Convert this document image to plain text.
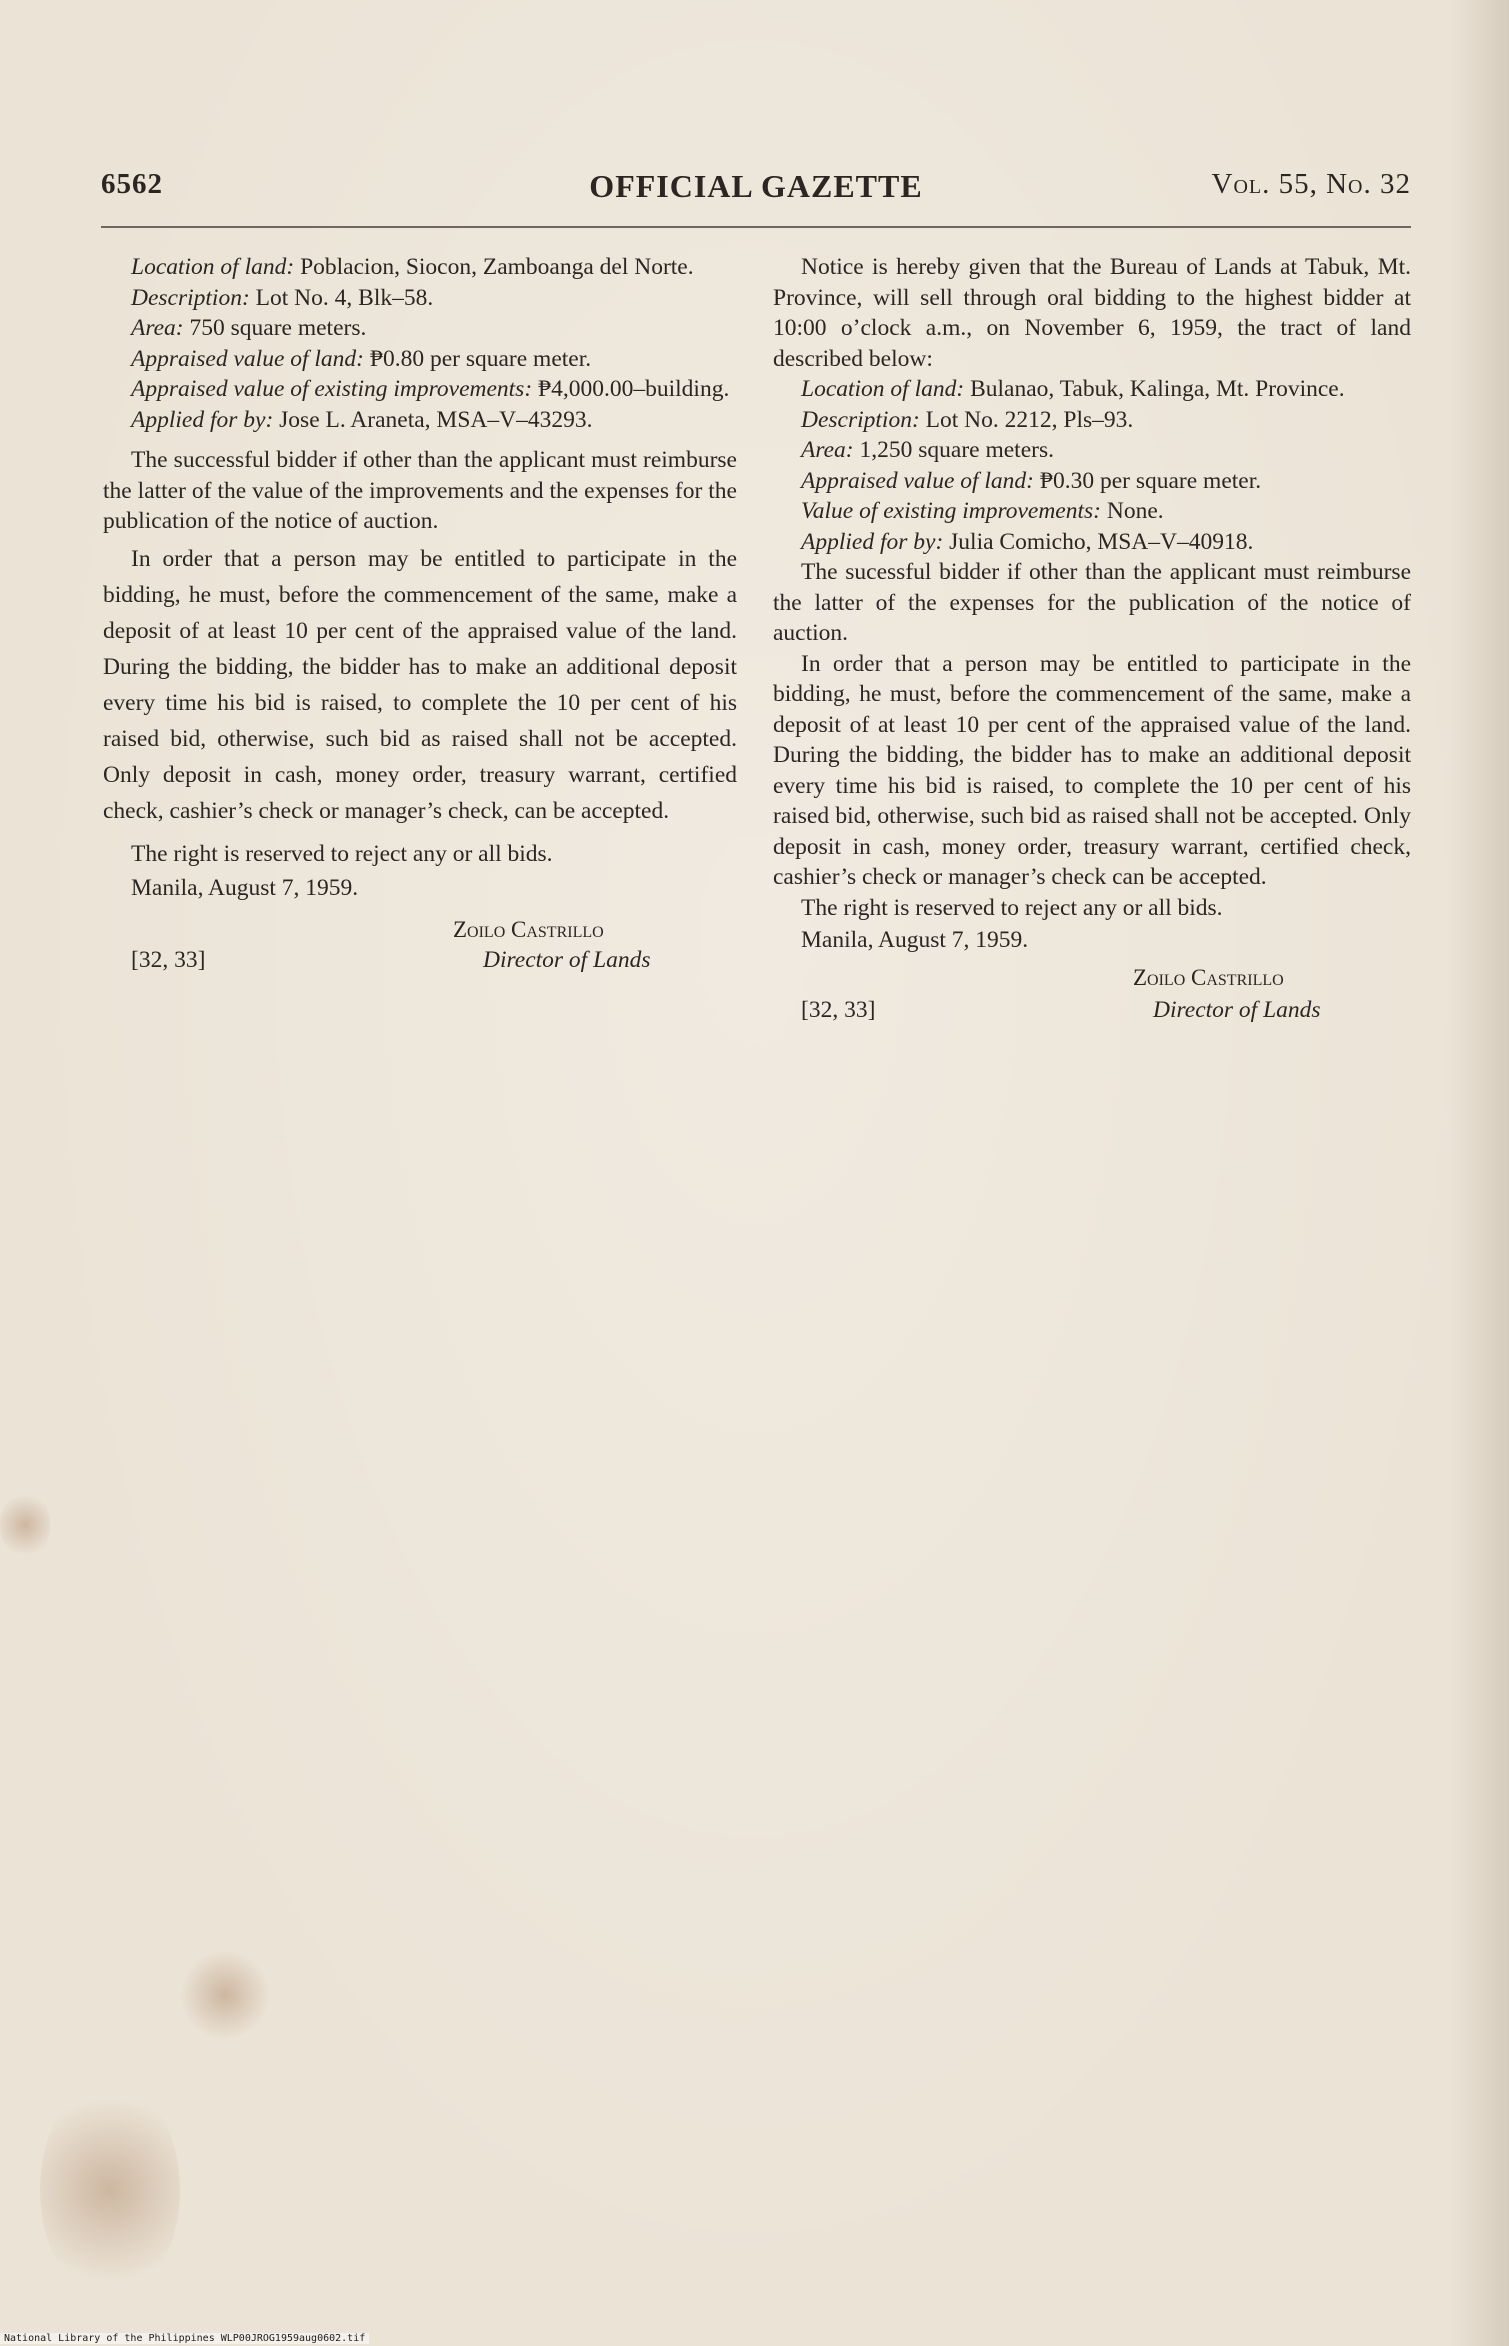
6562	OFFICIAL GAZETTE	Vol. 55, No. 32

Location of land: Poblacion, Siocon, Zamboanga del Norte.

Description: Lot No. 4, Blk–58.

Area: 750 square meters.

Appraised value of land: ₱0.80 per square meter.

Appraised value of existing improvements: ₱4,000.00–building.

Applied for by: Jose L. Araneta, MSA–V–43293.

The successful bidder if other than the applicant must reimburse the latter of the value of the improvements and the expenses for the publication of the notice of auction.

In order that a person may be entitled to participate in the bidding, he must, before the commencement of the same, make a deposit of at least 10 per cent of the appraised value of the land. During the bidding, the bidder has to make an additional deposit every time his bid is raised, to complete the 10 per cent of his raised bid, otherwise, such bid as raised shall not be accepted. Only deposit in cash, money order, treasury warrant, certified check, cashier’s check or manager’s check, can be accepted.

The right is reserved to reject any or all bids.

Manila, August 7, 1959.

Zoilo Castrillo
[32, 33]	Director of Lands

Notice is hereby given that the Bureau of Lands at Tabuk, Mt. Province, will sell through oral bidding to the highest bidder at 10:00 o’clock a.m., on November 6, 1959, the tract of land described below:

Location of land: Bulanao, Tabuk, Kalinga, Mt. Province.

Description: Lot No. 2212, Pls–93.

Area: 1,250 square meters.

Appraised value of land: ₱0.30 per square meter.

Value of existing improvements: None.

Applied for by: Julia Comicho, MSA–V–40918.

The sucessful bidder if other than the applicant must reimburse the latter of the expenses for the publication of the notice of auction.

In order that a person may be entitled to participate in the bidding, he must, before the commencement of the same, make a deposit of at least 10 per cent of the appraised value of the land. During the bidding, the bidder has to make an additional deposit every time his bid is raised, to complete the 10 per cent of his raised bid, otherwise, such bid as raised shall not be accepted. Only deposit in cash, money order, treasury warrant, certified check, cashier’s check or manager’s check can be accepted.

The right is reserved to reject any or all bids.

Manila, August 7, 1959.

Zoilo Castrillo
[32, 33]	Director of Lands
National Library of the Philippines WLP00JROG1959aug0602.tif
